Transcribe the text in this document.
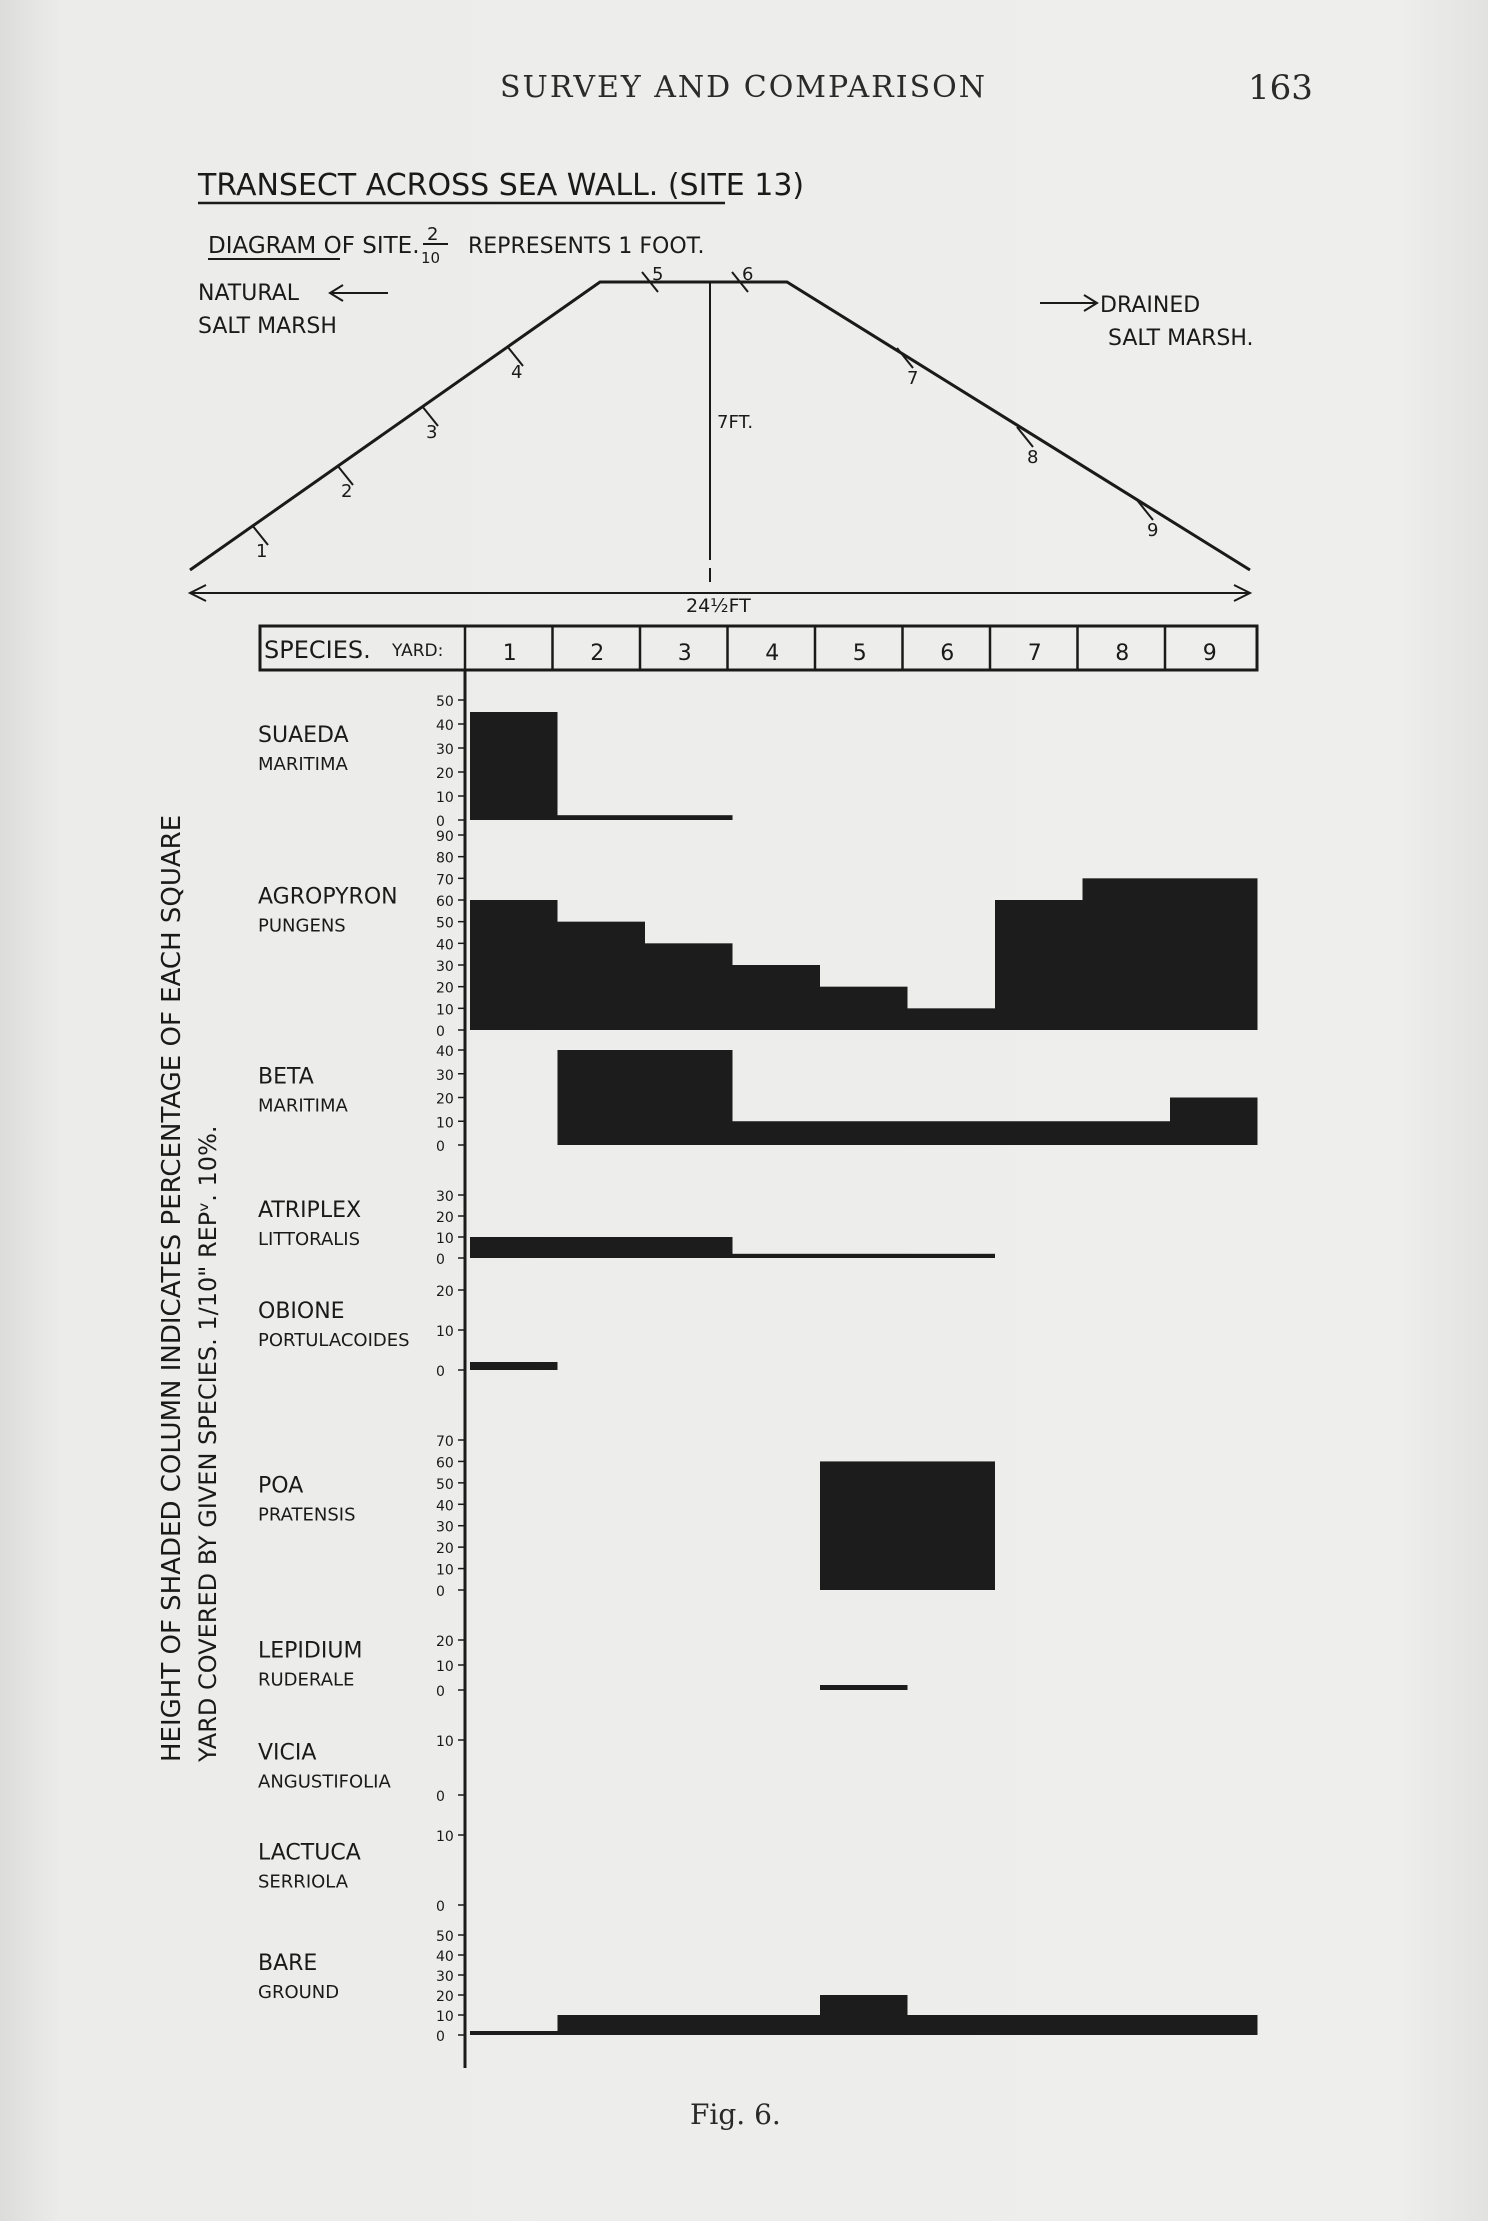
SURVEY AND COMPARISON	163
TRANSECT ACROSS SEA WALL. (SITE 13)
DIAGRAM OF SITE. 2
10 REPRESENTS 1 FOOT.
NATURAL
SALT MARSH
DRAINED
SALT MARSH.
7FT.
24½FT
1
2
3
4
5	6
7
8
9
SPECIES. YARD:	1	2	3	4	5	6	7	8	9
HEIGHT OF SHADED COLUMN INDICATES PERCENTAGE OF EACH SQUARE YARD COVERED BY GIVEN SPECIES. 1/10" REPᵛ. 10%.
SUAEDA
MARITIMA
50
40
30
20
10
0
AGROPYRON
PUNGENS
90
80
70
60
50
40
30
20
10
0
BETA
MARITIMA
40
30
20
10
0
ATRIPLEX
LITTORALIS
30
20
10
0
OBIONE
PORTULACOIDES
20
10
0
POA
PRATENSIS
70
60
50
40
30
20
10
0
LEPIDIUM
RUDERALE
20
10
0
VICIA
ANGUSTIFOLIA
10
0
LACTUCA
SERRIOLA
10
0
BARE
GROUND
50
40
30
20
10
0
Fig. 6.
